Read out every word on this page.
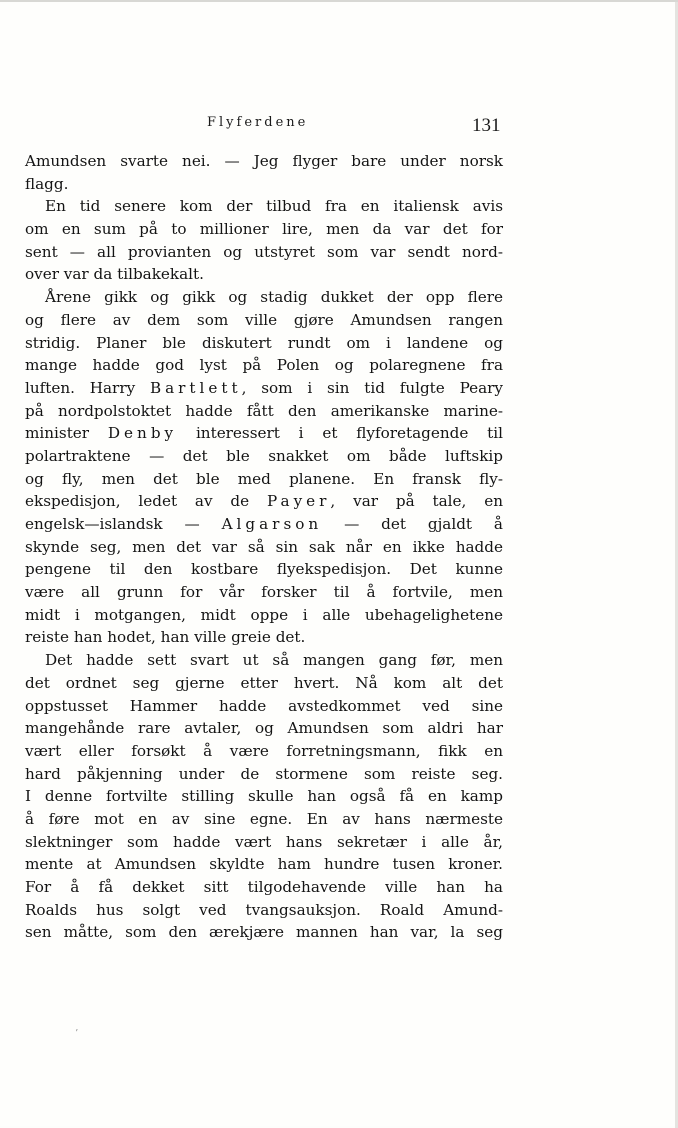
Flyferdene	131
Amundsen svarte nei. — Jeg flyger bare under norsk
flagg.
En tid senere kom der tilbud fra en italiensk avis
om en sum på to millioner lire, men da var det for
sent — all provianten og utstyret som var sendt nord-
over var da tilbakekalt.
Årene gikk og gikk og stadig dukket der opp flere
og flere av dem som ville gjøre Amundsen rangen
stridig. Planer ble diskutert rundt om i landene og
mange hadde god lyst på Polen og polaregnene fra
luften. Harry Bartlett, som i sin tid fulgte Peary
på nordpolstoktet hadde fått den amerikanske marine-
minister Denby interessert i et flyforetagende til
polartraktene — det ble snakket om både luftskip
og fly, men det ble med planene. En fransk fly-
ekspedisjon, ledet av de Payer, var på tale, en
engelsk—islandsk — Algarson — det gjaldt å
skynde seg, men det var så sin sak når en ikke hadde
pengene til den kostbare flyekspedisjon. Det kunne
være all grunn for vår forsker til å fortvile, men
midt i motgangen, midt oppe i alle ubehagelighetene
reiste han hodet, han ville greie det.
Det hadde sett svart ut så mangen gang før, men
det ordnet seg gjerne etter hvert. Nå kom alt det
oppstusset Hammer hadde avstedkommet ved sine
mangehånde rare avtaler, og Amundsen som aldri har
vært eller forsøkt å være forretningsmann, fikk en
hard påkjenning under de stormene som reiste seg.
I denne fortvilte stilling skulle han også få en kamp
å føre mot en av sine egne. En av hans nærmeste
slektninger som hadde vært hans sekretær i alle år,
mente at Amundsen skyldte ham hundre tusen kroner.
For å få dekket sitt tilgodehavende ville han ha
Roalds hus solgt ved tvangsauksjon. Roald Amund-
sen måtte, som den ærekjære mannen han var, la seg
ʼ
